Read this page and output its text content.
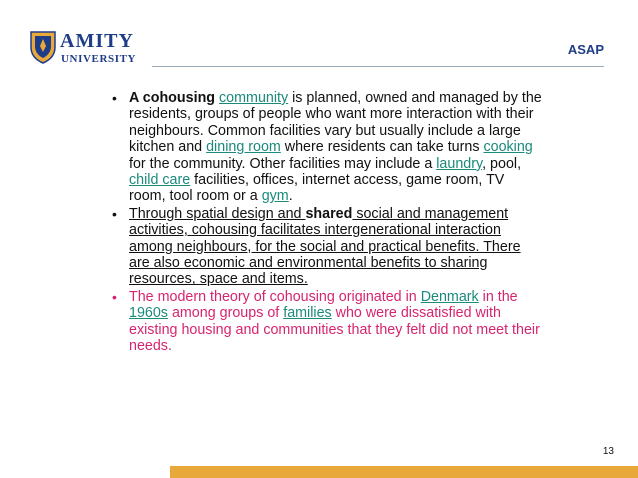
AMITY
UNIVERSITY
ASAP
• A cohousing community is planned, owned and managed by the residents, groups of people who want more interaction with their neighbours. Common facilities vary but usually include a large kitchen and dining room where residents can take turns cooking for the community. Other facilities may include a laundry, pool, child care facilities, offices, internet access, game room, TV room, tool room or a gym.
• Through spatial design and shared social and management activities, cohousing facilitates intergenerational interaction among neighbours, for the social and practical benefits. There are also economic and environmental benefits to sharing resources, space and items.
• The modern theory of cohousing originated in Denmark in the 1960s among groups of families who were dissatisfied with existing housing and communities that they felt did not meet their needs.
13
